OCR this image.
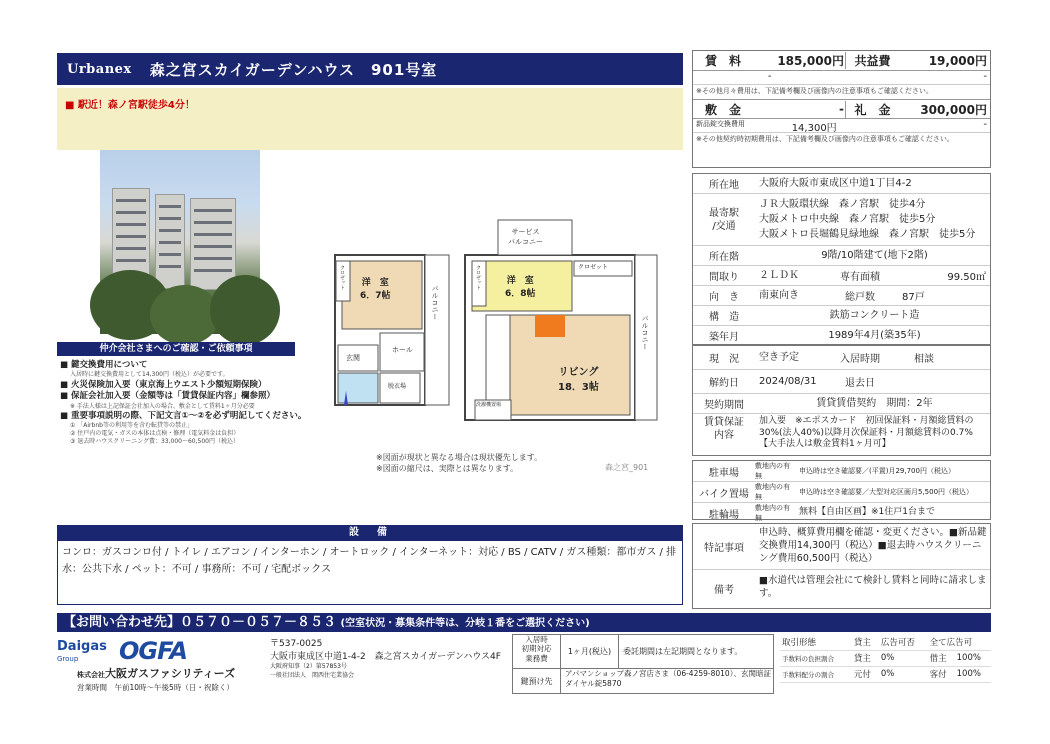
Urbanex 森之宮スカイガーデンハウス　901号室
■ 駅近！森ノ宮駅徒歩4分！
仲介会社さまへのご確認・ご依頼事項
■ 鍵交換費用について
入居時に鍵交換費用として14,300円（税込）が必要です。
■ 火災保険加入要（東京海上ウエスト少額短期保険）
■ 保証会社加入要（金額等は「賃貸保証内容」欄参照）
※ 手法人様は上記保証会社加入の場合、敷金として賃料1ヶ月分必要
■ 重要事項説明の際、下記文言①～②を必ず明記してください。
① 「Airbnb等の利用等を含む転貸等の禁止」
② 住戸内の電気・ガスの本体は点検・修理（電気料金は負担）
③ 退去時ハウスクリーニング費：33,000～60,500円（税込）
洋　室
6．7帖
洋　室
6．8帖
リビング
18．3帖
サービス
バルコニー
バルコニー
バルコニー
クロゼット
クロゼット
クロゼット
玄関
ホール
脱衣場
洗濯機置場
※図面が現状と異なる場合は現状優先します。
※図面の縮尺は、実際とは異なります。	森之宮_901
設　備
コンロ：ガスコンロ付 / トイレ / エアコン / インターホン / オートロック / インターネット：対応 / BS / CATV / ガス種類：都市ガス / 排水：公共下水 / ペット：不可 / 事務所：不可 / 宅配ボックス
賃　料	185,000円 共益費	19,000円
-	-
※その他月々費用は、下記備考欄及び画像内の注意事項もご確認ください。
敷　金	- 礼　金	300,000円
新品錠交換費用	14,300円	-
※その他契約時初期費用は、下記備考欄及び画像内の注意事項もご確認ください。
所在地	大阪府大阪市東成区中道1丁目4-2
最寄駅
/交通
ＪＲ大阪環状線　森ノ宮駅　徒歩4分
大阪メトロ中央線　森ノ宮駅　徒歩5分
大阪メトロ長堀鶴見緑地線　森ノ宮駅　徒歩5分
所在階	9階/10階建て(地下2階)
間取り	２ＬＤＫ	専有面積	99.50㎡
向　き	南東向き	総戸数	87戸
構　造	鉄筋コンクリート造
築年月	1989年4月(築35年)
現　況	空き予定	入居時期	相談
解約日	2024/08/31	退去日
契約期間	賃貸賃借契約　期間：2年
賃貸保証
内容
加入要　※エポスカード　初回保証料・月額総賃料の30%(法人40%)以降月次保証料・月額総賃料の0.7%【大手法人は敷金賃料1ヶ月可】
駐車場
敷地内の有無
申込時は空き確認要／(平置)月29,700円（税込）
バイク置場
敷地内の有無
申込時は空き確認要／大型対応区画月5,500円（税込）
駐輪場
敷地内の有無
無料【自由区画】※1住戸1台まで
特記事項
申込時、概算費用欄を確認・変更ください。■新品鍵交換費用14,300円（税込）■退去時ハウスクリーニング費用60,500円（税込）
備考
■水道代は管理会社にて検針し賃料と同時に請求します。
【お問い合わせ先】０５７０－０５７－８５３ (空室状況・募集条件等は、分岐１番をご選択ください)
Daigas
Group OGFA
株式会社大阪ガスファシリティーズ
営業時間　午前10時～午後5時（日・祝除く）
〒537-0025
大阪市東成区中道1-4-2　森之宮スカイガーデンハウス4F
大阪府知事（2）第57853号
一般社団法人　関西住宅業協会
入居時
初期対応
業務費
1ヶ月(税込)	委託期間は左記期間となります。
鍵預け先
アパマンショップ森ノ宮店さま（06-4259-8010）、玄関暗証ダイヤル錠5870
取引形態	貸主	広告可否	全て広告可	
手数料の負担割合	貸主	0%	借主	100%
手数料配分の割合	元付	0%	客付	100%
